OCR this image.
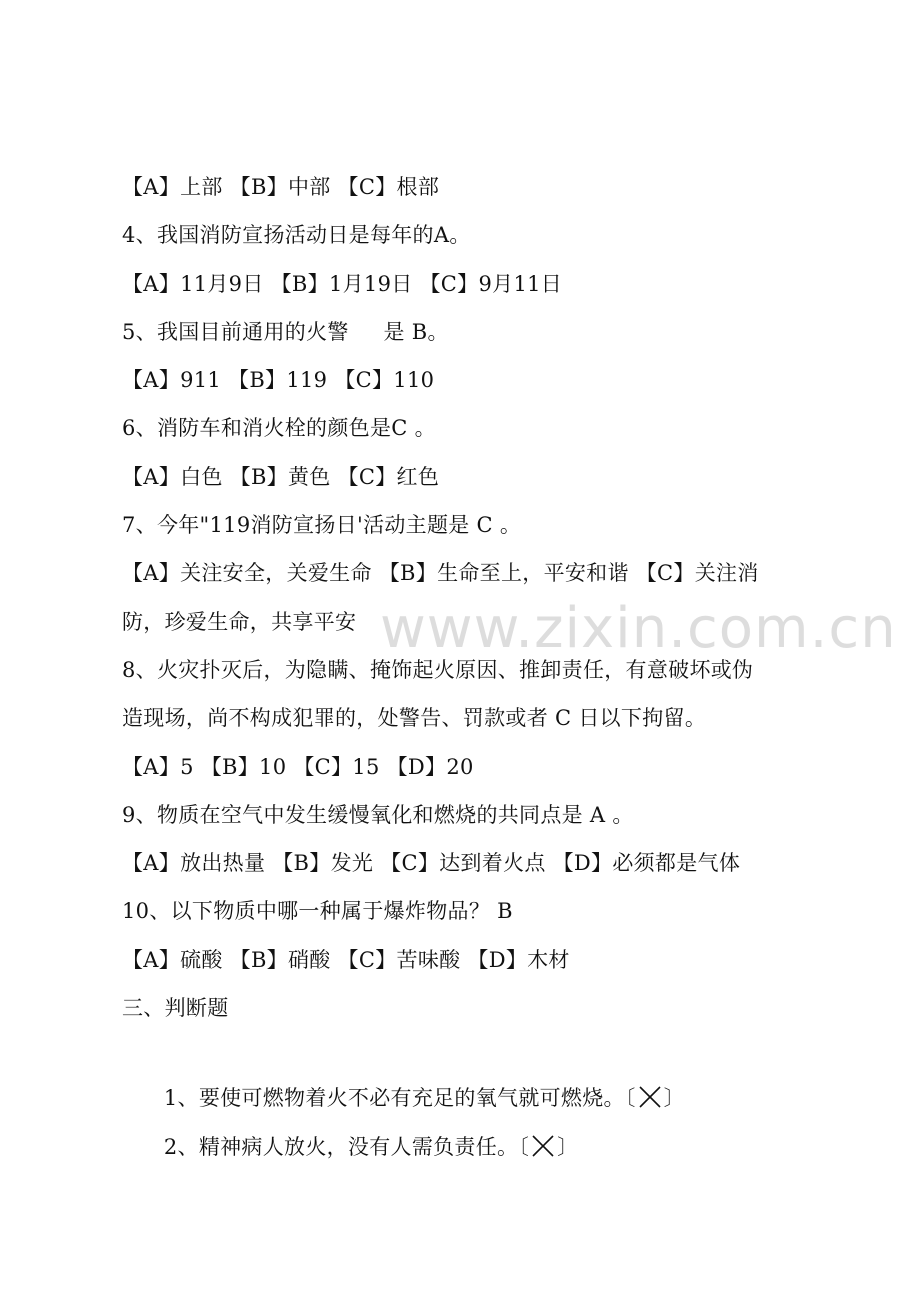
【A】上部 【B】中部 【C】根部
4、我国消防宣扬活动日是每年的A。
【A】11月9日 【B】1月19日 【C】9月11日
5、我国目前通用的火警     是 B。
【A】911 【B】119 【C】110
6、消防车和消火栓的颜色是C 。
【A】白色 【B】黄色 【C】红色
7、今年"119消防宣扬日'活动主题是 C 。
【A】关注安全，关爱生命 【B】生命至上，平安和谐 【C】关注消
防，珍爱生命，共享平安
8、火灾扑灭后，为隐瞒、掩饰起火原因、推卸责任，有意破坏或伪
造现场，尚不构成犯罪的，处警告、罚款或者 C 日以下拘留。
【A】5 【B】10 【C】15 【D】20
9、物质在空气中发生缓慢氧化和燃烧的共同点是 A 。
【A】放出热量 【B】发光 【C】达到着火点 【D】必须都是气体
10、以下物质中哪一种属于爆炸物品？ B
【A】硫酸 【B】硝酸 【C】苦味酸 【D】木材
三、判断题

1、要使可燃物着火不必有充足的氧气就可燃烧。〔 〕

2、精神病人放火，没有人需负责任。〔 〕

www.zixin.com.cn
